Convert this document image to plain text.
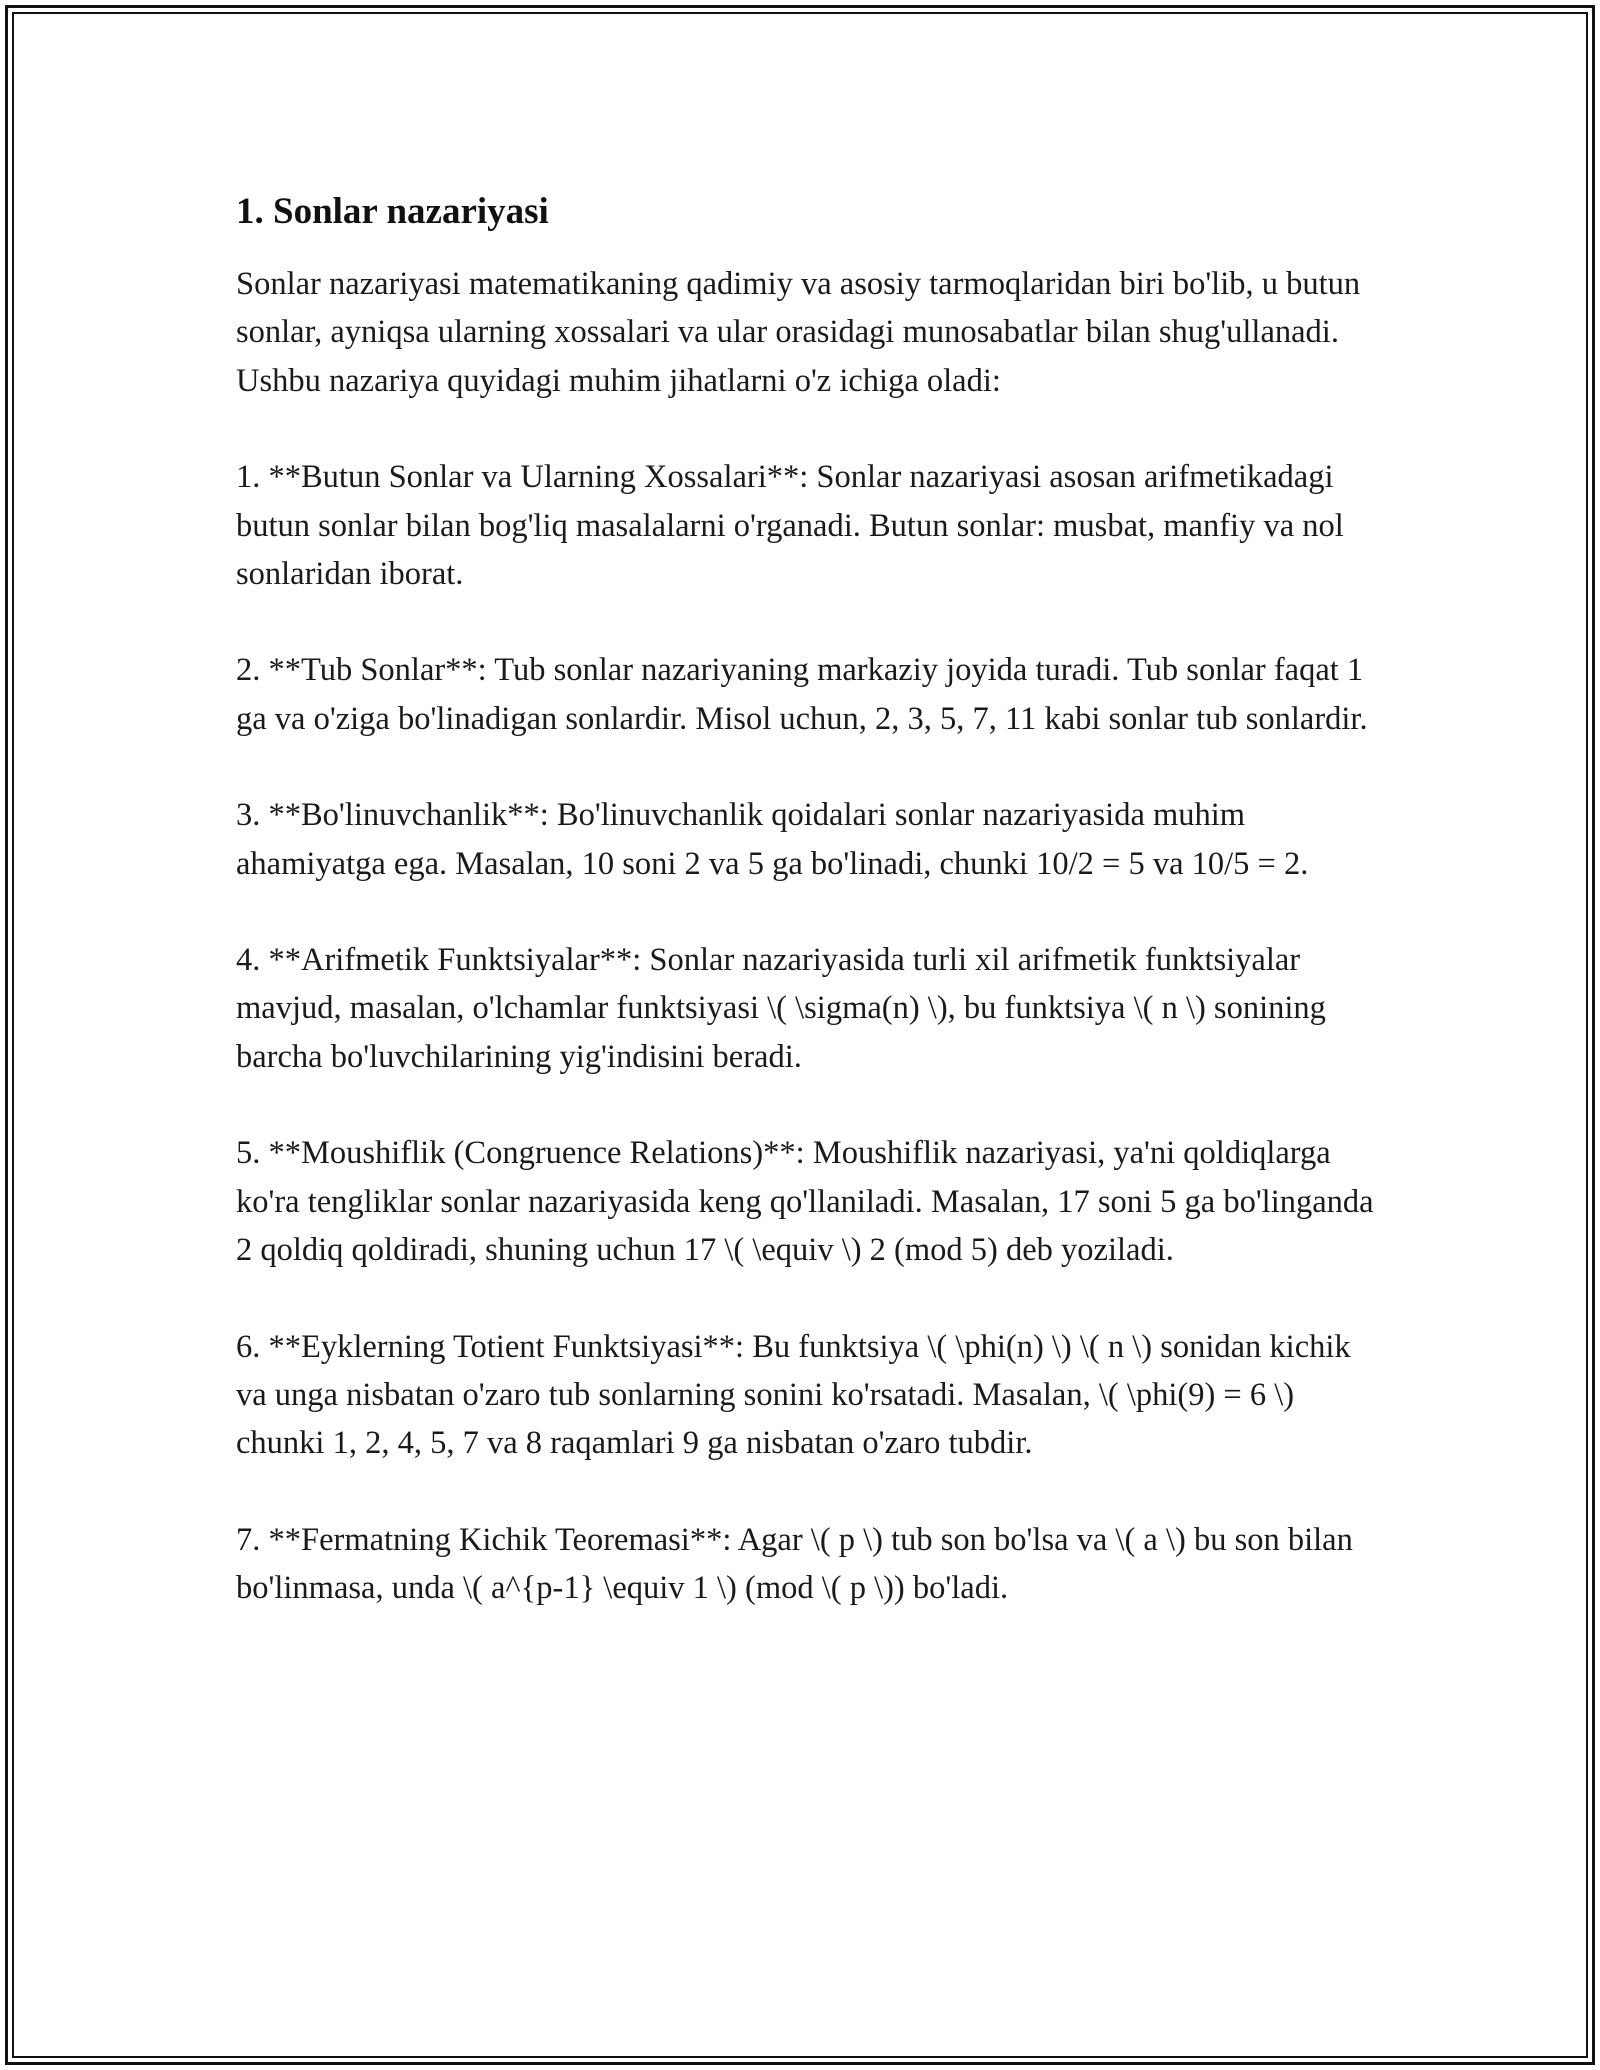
1. Sonlar nazariyasi

Sonlar nazariyasi matematikaning qadimiy va asosiy tarmoqlaridan biri bo'lib, u butun sonlar, ayniqsa ularning xossalari va ular orasidagi munosabatlar bilan shug'ullanadi. Ushbu nazariya quyidagi muhim jihatlarni o'z ichiga oladi:

1. **Butun Sonlar va Ularning Xossalari**: Sonlar nazariyasi asosan arifmetikadagi butun sonlar bilan bog'liq masalalarni o'rganadi. Butun sonlar: musbat, manfiy va nol sonlaridan iborat.

2. **Tub Sonlar**: Tub sonlar nazariyaning markaziy joyida turadi. Tub sonlar faqat 1 ga va o'ziga bo'linadigan sonlardir. Misol uchun, 2, 3, 5, 7, 11 kabi sonlar tub sonlardir.

3. **Bo'linuvchanlik**: Bo'linuvchanlik qoidalari sonlar nazariyasida muhim ahamiyatga ega. Masalan, 10 soni 2 va 5 ga bo'linadi, chunki 10/2 = 5 va 10/5 = 2.

4. **Arifmetik Funktsiyalar**: Sonlar nazariyasida turli xil arifmetik funktsiyalar mavjud, masalan, o'lchamlar funktsiyasi \( \sigma(n) \), bu funktsiya \( n \) sonining barcha bo'luvchilarining yig'indisini beradi.

5. **Moushiflik (Congruence Relations)**: Moushiflik nazariyasi, ya'ni qoldiqlarga ko'ra tengliklar sonlar nazariyasida keng qo'llaniladi. Masalan, 17 soni 5 ga bo'linganda 2 qoldiq qoldiradi, shuning uchun 17 \( \equiv \) 2 (mod 5) deb yoziladi.

6. **Eyklerning Totient Funktsiyasi**: Bu funktsiya \( \phi(n) \) \( n \) sonidan kichik va unga nisbatan o'zaro tub sonlarning sonini ko'rsatadi. Masalan, \( \phi(9) = 6 \) chunki 1, 2, 4, 5, 7 va 8 raqamlari 9 ga nisbatan o'zaro tubdir.

7. **Fermatning Kichik Teoremasi**: Agar \( p \) tub son bo'lsa va \( a \) bu son bilan bo'linmasa, unda \( a^{p-1} \equiv 1 \) (mod \( p \)) bo'ladi.
